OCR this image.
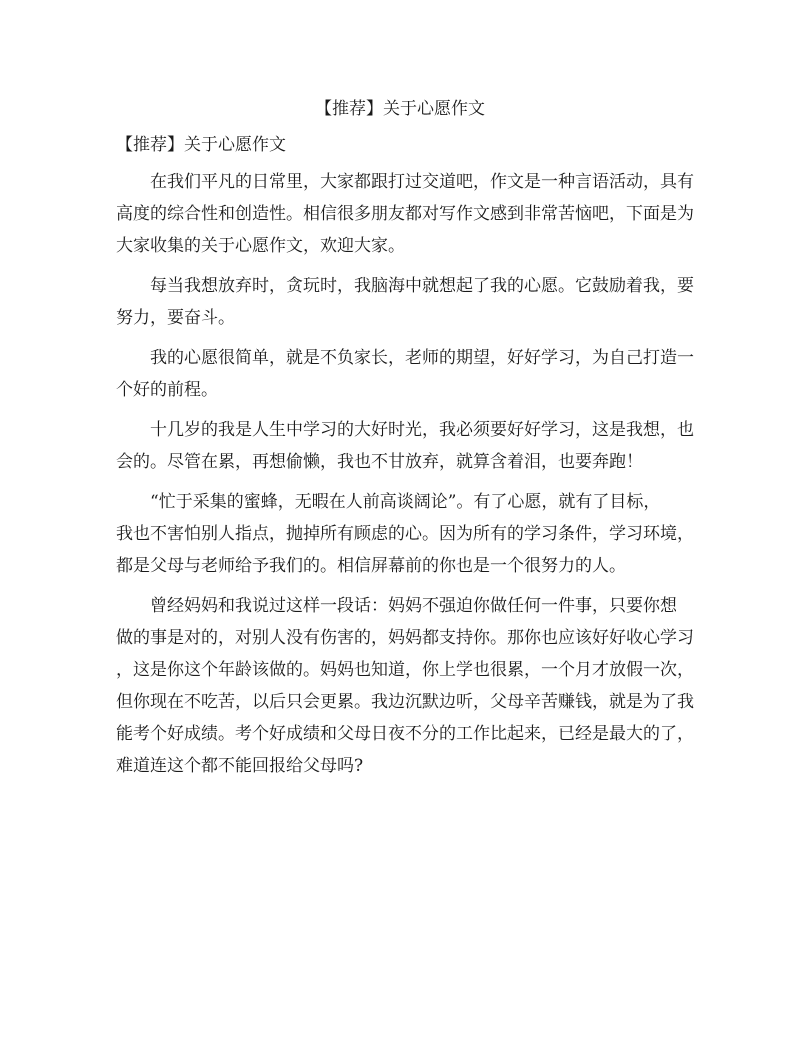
【推荐】关于心愿作文

【推荐】关于心愿作文

在我们平凡的日常里，大家都跟打过交道吧，作文是一种言语活动，具有
高度的综合性和创造性。相信很多朋友都对写作文感到非常苦恼吧，下面是为
大家收集的关于心愿作文，欢迎大家。

每当我想放弃时，贪玩时，我脑海中就想起了我的心愿。它鼓励着我，要
努力，要奋斗。

我的心愿很简单，就是不负家长，老师的期望，好好学习，为自己打造一
个好的前程。

十几岁的我是人生中学习的大好时光，我必须要好好学习，这是我想，也
会的。尽管在累，再想偷懒，我也不甘放弃，就算含着泪，也要奔跑！

“忙于采集的蜜蜂，无暇在人前高谈阔论”。有了心愿，就有了目标，
我也不害怕别人指点，抛掉所有顾虑的心。因为所有的学习条件，学习环境，
都是父母与老师给予我们的。相信屏幕前的你也是一个很努力的人。

曾经妈妈和我说过这样一段话：妈妈不强迫你做任何一件事，只要你想
做的事是对的，对别人没有伤害的，妈妈都支持你。那你也应该好好收心学习
，这是你这个年龄该做的。妈妈也知道，你上学也很累，一个月才放假一次，
但你现在不吃苦，以后只会更累。我边沉默边听，父母辛苦赚钱，就是为了我
能考个好成绩。考个好成绩和父母日夜不分的工作比起来，已经是最大的了，
难道连这个都不能回报给父母吗?
